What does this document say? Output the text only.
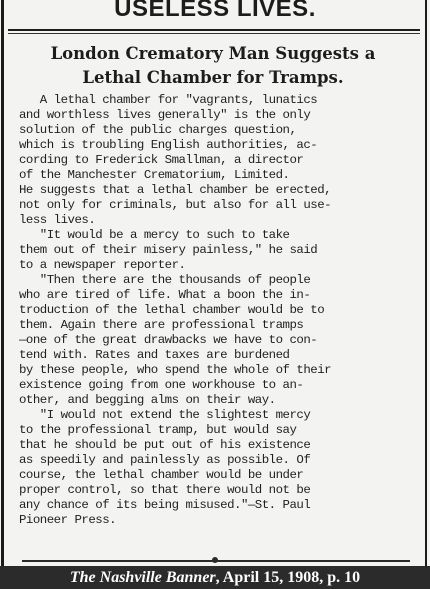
USELESS LIVES.
London Crematory Man Suggests a
Lethal Chamber for Tramps.
A lethal chamber for "vagrants, lunatics
and worthless lives generally" is the only
solution of the public charges question,
which is troubling English authorities, ac-
cording to Frederick Smallman, a director
of the Manchester Crematorium, Limited.
He suggests that a lethal chamber be erected,
not only for criminals, but also for all use-
less lives.
"It would be a mercy to such to take
them out of their misery painless," he said
to a newspaper reporter.
"Then there are the thousands of people
who are tired of life. What a boon the in-
troduction of the lethal chamber would be to
them. Again there are professional tramps
—one of the great drawbacks we have to con-
tend with. Rates and taxes are burdened
by these people, who spend the whole of their
existence going from one workhouse to an-
other, and begging alms on their way.
"I would not extend the slightest mercy
to the professional tramp, but would say
that he should be put out of his existence
as speedily and painlessly as possible. Of
course, the lethal chamber would be under
proper control, so that there would not be
any chance of its being misused."—St. Paul
Pioneer Press.
The Nashville Banner, April 15, 1908, p. 10
